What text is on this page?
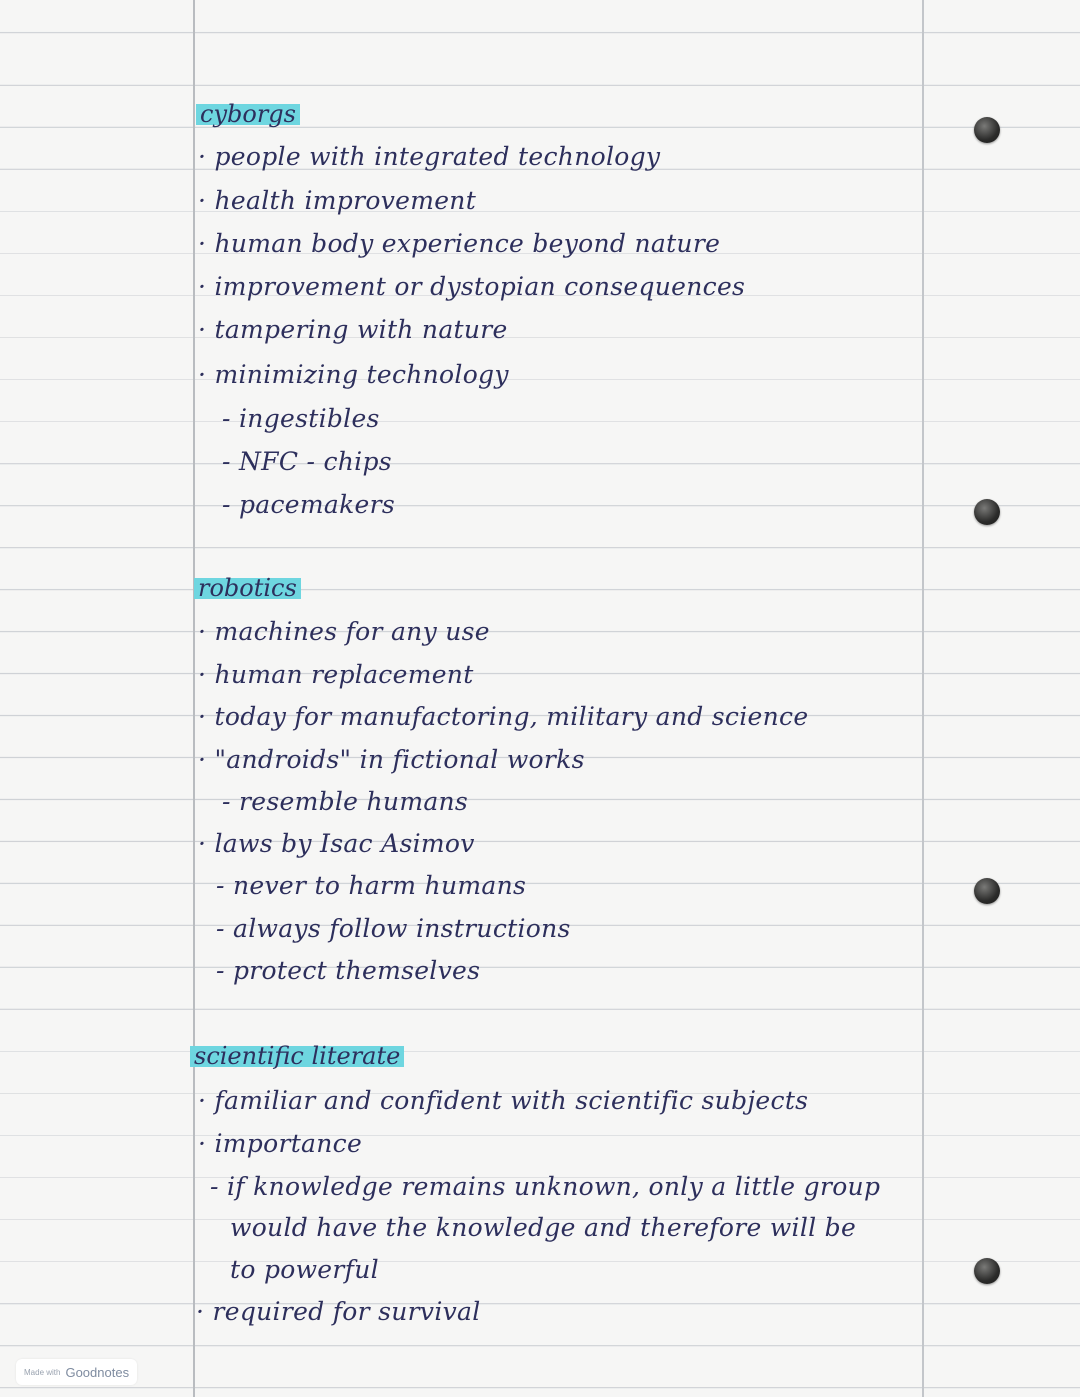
cyborgs
· people with integrated technology
· health improvement
· human body experience beyond nature
· improvement or dystopian consequences
· tampering with nature
· minimizing technology
- ingestibles
- NFC - chips
- pacemakers
robotics
· machines for any use
· human replacement
· today for manufactoring, military and science
· "androids" in fictional works
- resemble humans
· laws by Isac Asimov
- never to harm humans
- always follow instructions
- protect themselves
scientific literate
· familiar and confident with scientific subjects
· importance
- if knowledge remains unknown, only a little group
would have the knowledge and therefore will be
to powerful
· required for survival
Made with Goodnotes
